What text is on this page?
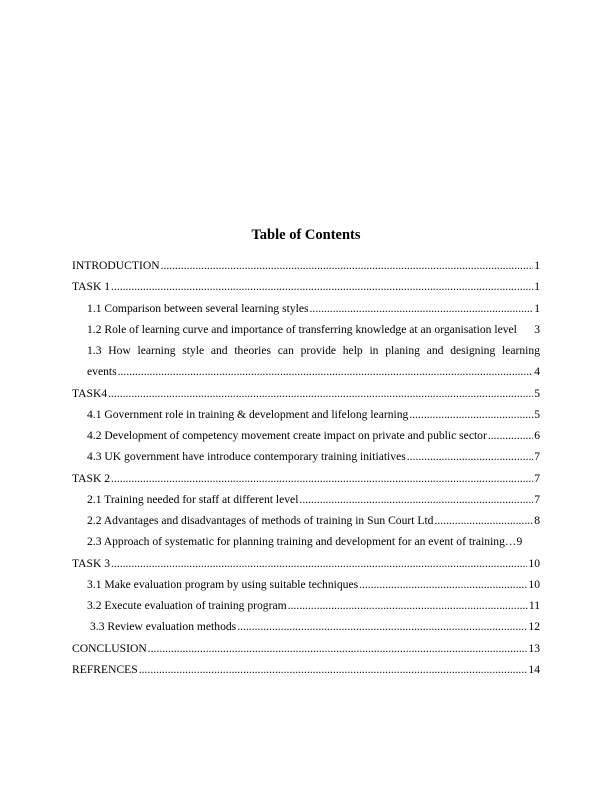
Table of Contents
INTRODUCTION .....	1
TASK 1 .....	1
1.1 Comparison between several learning styles .....	1
1.2 Role of learning curve and importance of transferring knowledge at an organisation level 3
1.3 How learning style and theories can provide help in planing and designing learning
events .....	4
TASK4 .....	5
4.1 Government role in training & development and lifelong learning .....	5
4.2 Development of competency movement create impact on private and public sector .....	6
4.3 UK government have introduce contemporary training initiatives .....	7
TASK 2 .....	7
2.1 Training needed for staff at different level .....	7
2.2 Advantages and disadvantages of methods of training in Sun Court Ltd .....	8
2.3 Approach of systematic for planning training and development for an event of training … 9
TASK 3 .....	10
3.1 Make evaluation program by using suitable techniques .....	10
3.2 Execute evaluation of training program .....	11
3.3 Review evaluation methods .....	12
CONCLUSION .....	13
REFRENCES .....	14
